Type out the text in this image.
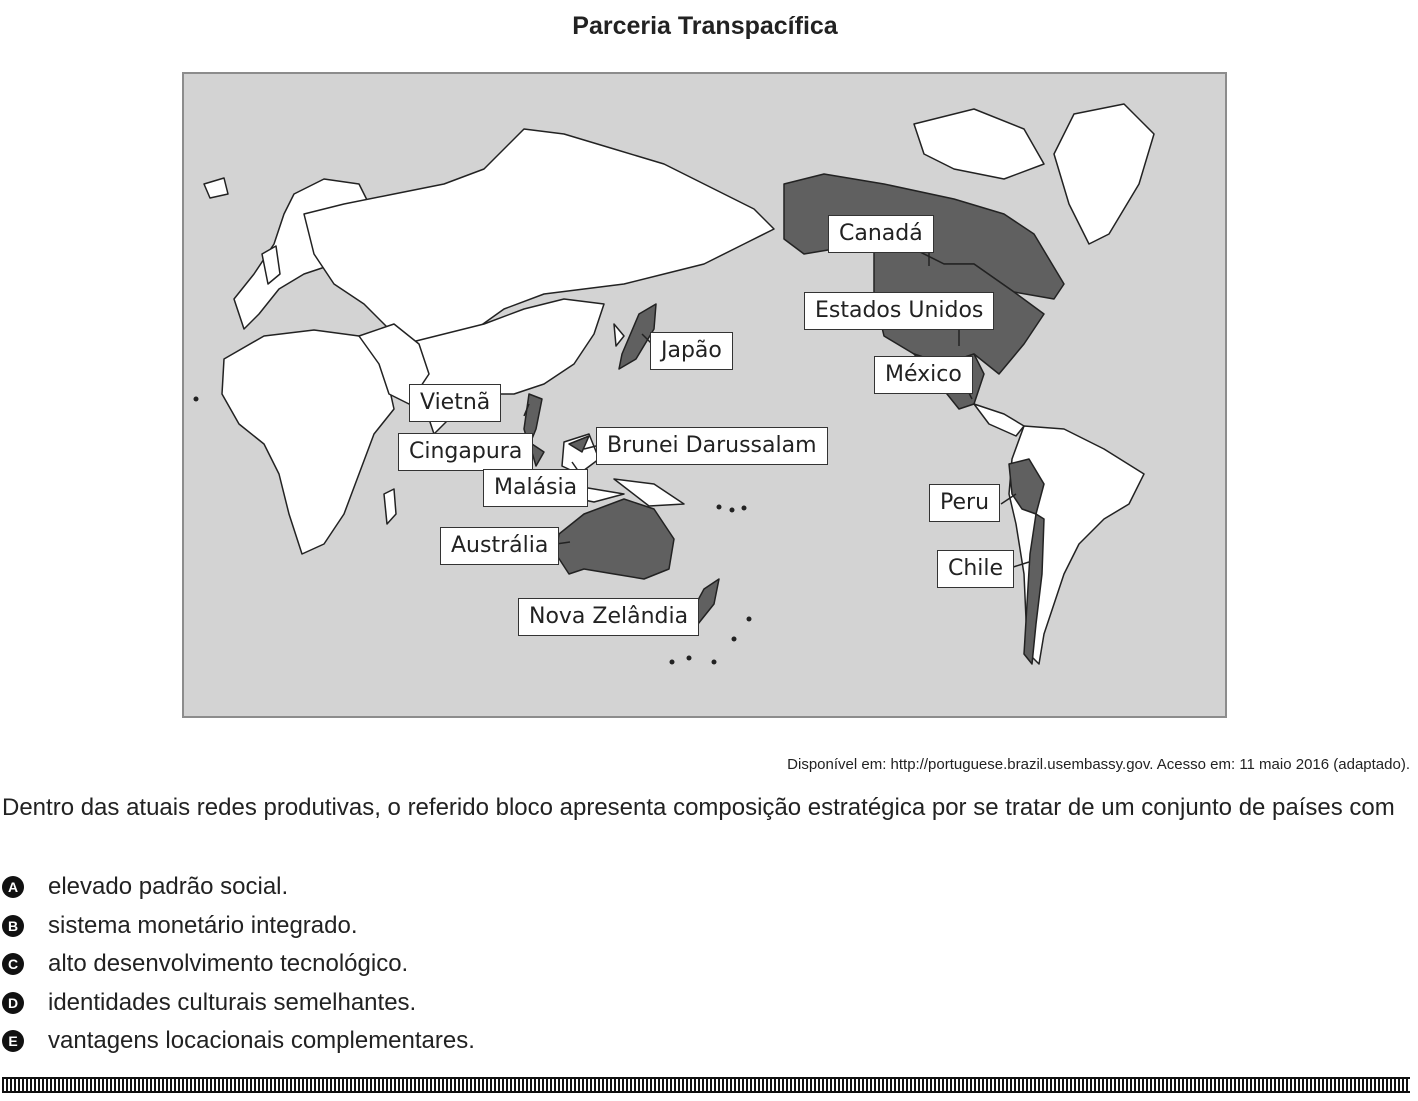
Parceria Transpacífica
Canadá
Estados Unidos
México
Japão
Vietnã
Cingapura	Brunei Darussalam
Malásia
Austrália
Nova Zelândia
Peru
Chile
Disponível em: http://portuguese.brazil.usembassy.gov. Acesso em: 11 maio 2016 (adaptado).
Dentro das atuais redes produtivas, o referido bloco apresenta composição estratégica por se tratar de um conjunto de países com
A elevado padrão social.
B sistema monetário integrado.
C alto desenvolvimento tecnológico.
D identidades culturais semelhantes.
E vantagens locacionais complementares.
